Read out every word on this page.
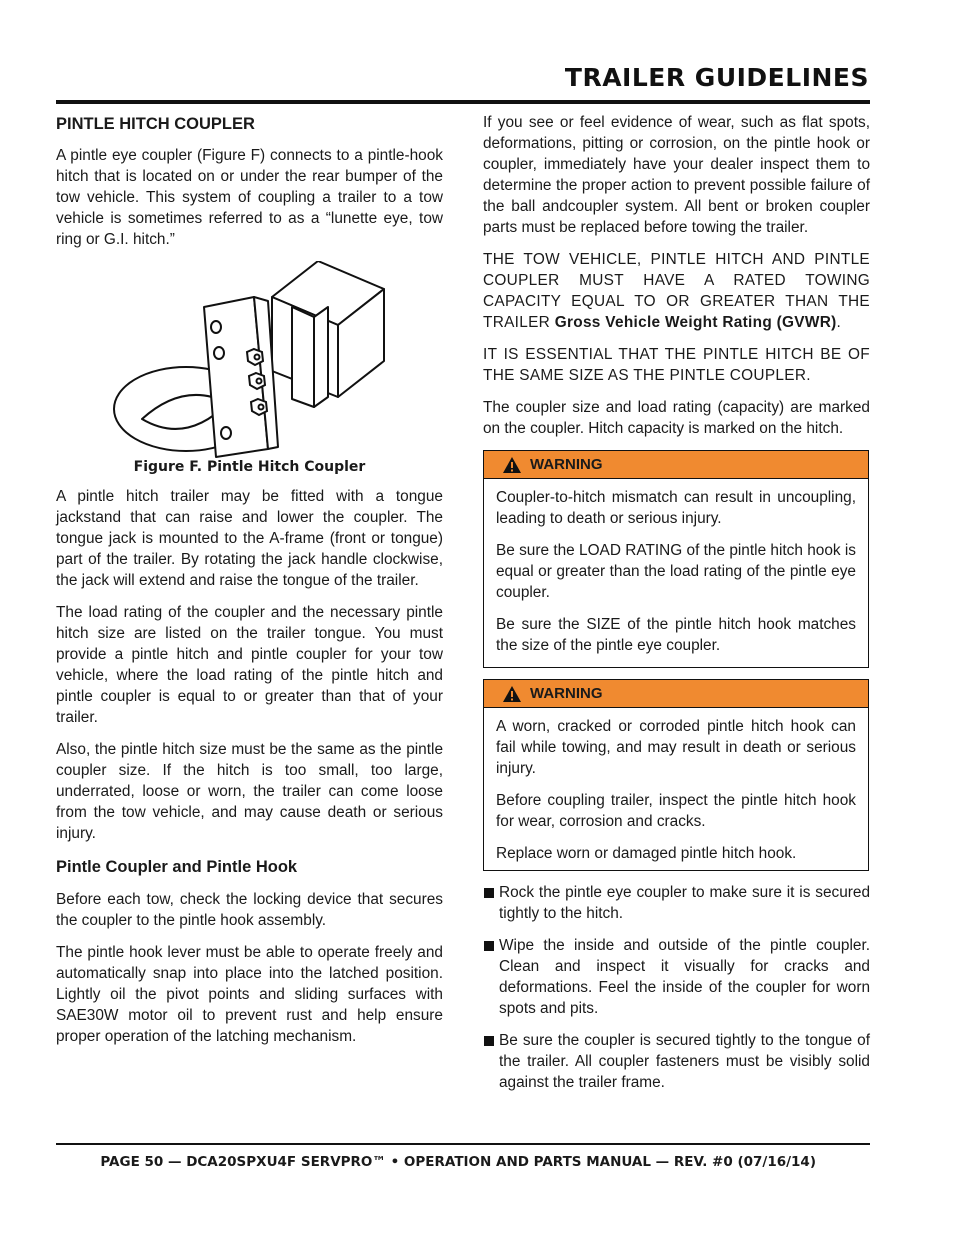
TRAILER GUIDELINES
PINTLE HITCH COUPLER

A pintle eye coupler (Figure F) connects to a pintle-hook hitch that is located on or under the rear bumper of the tow vehicle. This system of coupling a trailer to a tow vehicle is sometimes referred to as a “lunette eye, tow ring or G.I. hitch.”

Figure F. Pintle Hitch Coupler

A pintle hitch trailer may be fitted with a tongue jackstand that can raise and lower the coupler. The tongue jack is mounted to the A-frame (front or tongue) part of the trailer. By rotating the jack handle clockwise, the jack will extend and raise the tongue of the trailer.

The load rating of the coupler and the necessary pintle hitch size are listed on the trailer tongue. You must provide a pintle hitch and pintle coupler for your tow vehicle, where the load rating of the pintle hitch and pintle coupler is equal to or greater than that of your trailer.

Also, the pintle hitch size must be the same as the pintle coupler size. If the hitch is too small, too large, underrated, loose or worn, the trailer can come loose from the tow vehicle, and may cause death or serious injury.

Pintle Coupler and Pintle Hook

Before each tow, check the locking device that secures the coupler to the pintle hook assembly.

The pintle hook lever must be able to operate freely and automatically snap into place into the latched position. Lightly oil the pivot points and sliding surfaces with SAE30W motor oil to prevent rust and help ensure proper operation of the latching mechanism.

If you see or feel evidence of wear, such as flat spots, deformations, pitting or corrosion, on the pintle hook or coupler, immediately have your dealer inspect them to determine the proper action to prevent possible failure of the ball andcoupler system. All bent or broken coupler parts must be replaced before towing the trailer.

THE TOW VEHICLE, PINTLE HITCH AND PINTLE COUPLER MUST HAVE A RATED TOWING CAPACITY EQUAL TO OR GREATER THAN THE TRAILER Gross Vehicle Weight Rating (GVWR).

IT IS ESSENTIAL THAT THE PINTLE HITCH BE OF THE SAME SIZE AS THE PINTLE COUPLER.

The coupler size and load rating (capacity) are marked on the coupler. Hitch capacity is marked on the hitch.

WARNING

Coupler-to-hitch mismatch can result in uncoupling, leading to death or serious injury.

Be sure the LOAD RATING of the pintle hitch hook is equal or greater than the load rating of the pintle eye coupler.

Be sure the SIZE of the pintle hitch hook matches the size of the pintle eye coupler.

WARNING

A worn, cracked or corroded pintle hitch hook can fail while towing, and may result in death or serious injury.

Before coupling trailer, inspect the pintle hitch hook for wear, corrosion and cracks.

Replace worn or damaged pintle hitch hook.

Rock the pintle eye coupler to make sure it is secured tightly to the hitch.
Wipe the inside and outside of the pintle coupler. Clean and inspect it visually for cracks and deformations. Feel the inside of the coupler for worn spots and pits.
Be sure the coupler is secured tightly to the tongue of the trailer. All coupler fasteners must be visibly solid against the trailer frame.
PAGE 50 — DCA20SPXU4F SERVPRO™ • OPERATION AND PARTS MANUAL — REV. #0 (07/16/14)
